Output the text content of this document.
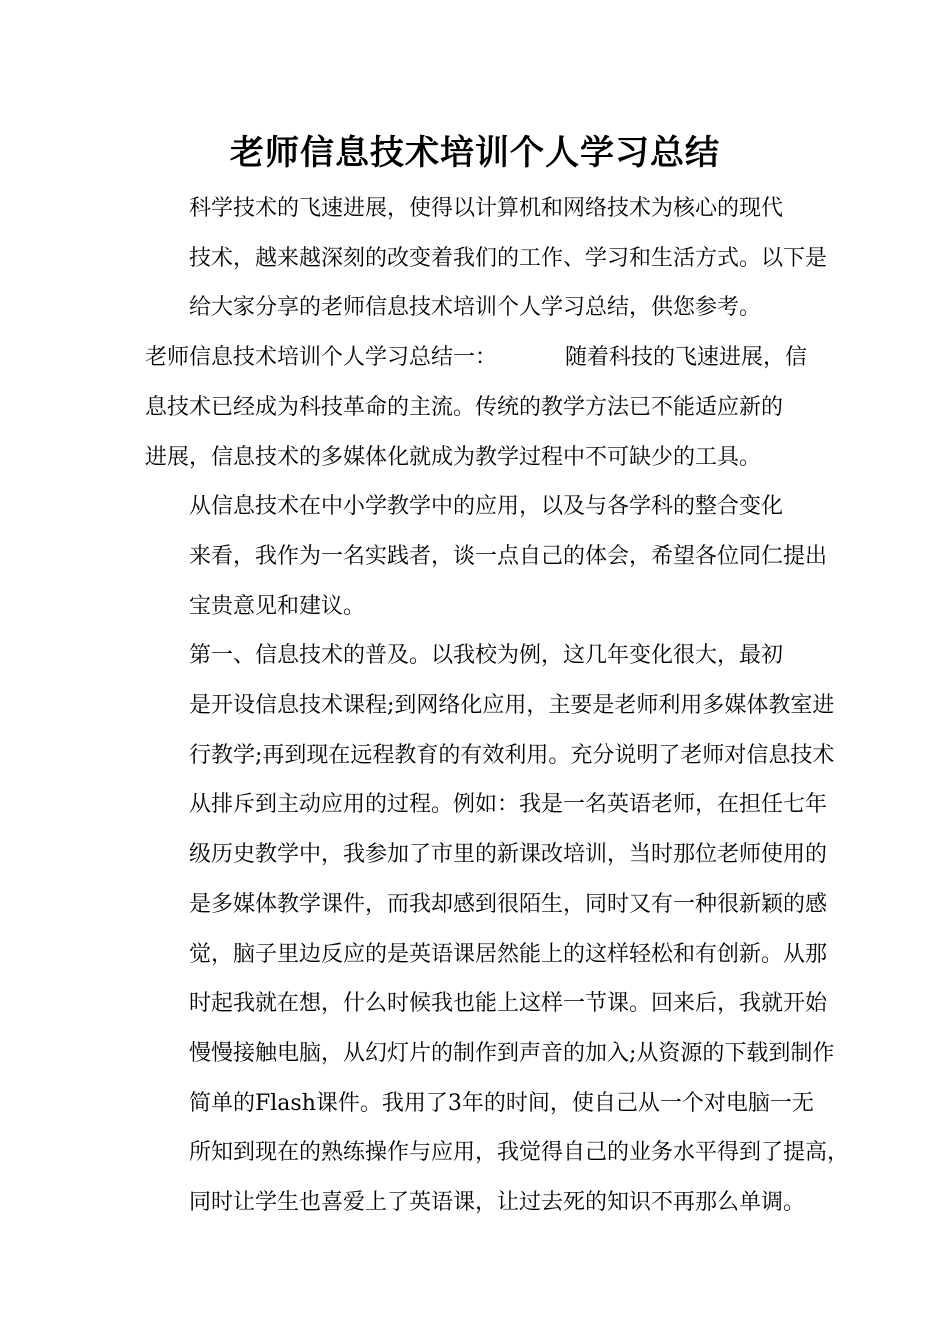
老师信息技术培训个人学习总结

科学技术的飞速进展，使得以计算机和网络技术为核心的现代
技术，越来越深刻的改变着我们的工作、学习和生活方式。以下是
给大家分享的老师信息技术培训个人学习总结，供您参考。

老师信息技术培训个人学习总结一：	随着科技的飞速进展，信
息技术已经成为科技革命的主流。传统的教学方法已不能适应新的
进展，信息技术的多媒体化就成为教学过程中不可缺少的工具。

从信息技术在中小学教学中的应用，以及与各学科的整合变化
来看，我作为一名实践者，谈一点自己的体会，希望各位同仁提出
宝贵意见和建议。

第一、信息技术的普及。以我校为例，这几年变化很大，最初
是开设信息技术课程;到网络化应用，主要是老师利用多媒体教室进
行教学;再到现在远程教育的有效利用。充分说明了老师对信息技术
从排斥到主动应用的过程。例如：我是一名英语老师，在担任七年
级历史教学中，我参加了市里的新课改培训，当时那位老师使用的
是多媒体教学课件，而我却感到很陌生，同时又有一种很新颖的感
觉，脑子里边反应的是英语课居然能上的这样轻松和有创新。从那
时起我就在想，什么时候我也能上这样一节课。回来后，我就开始
慢慢接触电脑，从幻灯片的制作到声音的加入;从资源的下载到制作
简单的Flash课件。我用了3年的时间，使自己从一个对电脑一无
所知到现在的熟练操作与应用，我觉得自己的业务水平得到了提高，
同时让学生也喜爱上了英语课，让过去死的知识不再那么单调。
